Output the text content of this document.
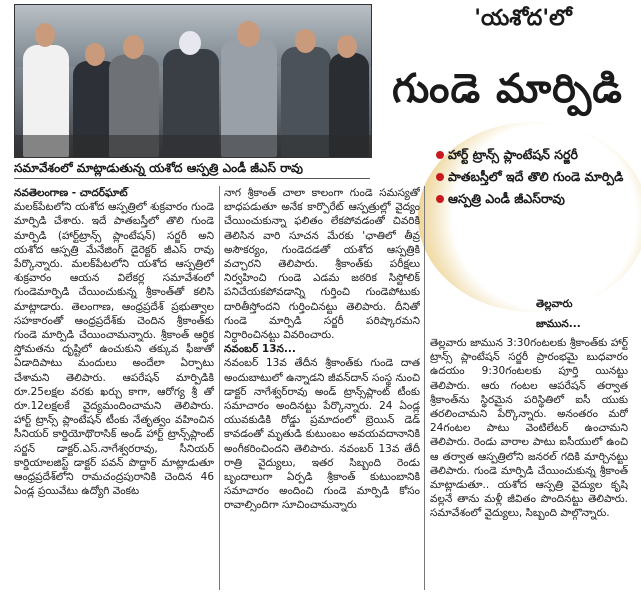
సమావేశంలో మాట్లాడుతున్న యశోద ఆస్పత్రి ఎండీ జీఎస్‌ రావు
'యశోద'లో
గుండె మార్పిడి
హార్ట్‌ ట్రాన్స్‌ ప్లాంటేషన్‌ సర్జరీ
పాతబస్తీలో ఇదే తొలి గుండె మార్పిడి
ఆస్పత్రి ఎండీ జీఎస్‌రావు

నవతెలంగాణ - చాదర్‌ఘాట్‌

మలక్‌పేటలోని యశోద ఆస్పత్రిలో శుక్రవారం గుండె మార్పిడి చేశారు. ఇదే పాతబస్తీలో తొలి గుండె మార్పిడి (హార్ట్‌ట్రాన్స్‌ ప్లాంటేషన్‌) సర్జరీ అని యశోద ఆస్పత్రి మేనేజింగ్‌ డైరెక్టర్‌ జీఎస్‌ రావు పేర్కొన్నారు. మలక్‌పేటలోని యశోద ఆస్పత్రిలో శుక్రవారం ఆయన విలేకర్ల సమావేశంలో గుండెమార్పిడి చేయించుకున్న శ్రీకాంత్‌తో కలిసి మాట్లాడారు. తెలంగాణ, ఆంధ్రప్రదేశ్‌ ప్రభుత్వాల సహకారంతో ఆంధ్రప్రదేశ్‌కు చెందిన శ్రీకాంత్‌కు గుండె మార్పిడి చేయించామన్నారు. శ్రీకాంత్‌ ఆర్థిక స్తోమతను దృష్టిలో ఉంచుకుని తక్కువ ఫీజుతో ఏడాదిపాటు మందులు అందేలా ఏర్పాటు చేశామని తెలిపారు. ఆపరేషన్‌ మార్పిడికి రూ.25లక్షల వరకు ఖర్చు కాగా, ఆరోగ్య శ్రీ తో రూ.12లక్షలకే వైద్యమందించామని తెలిపారు. హార్ట్‌ ట్రాన్స్‌ ప్లాంటేషన్‌ టీంకు నేతృత్వం వహించిన సీనియర్‌ కార్డియోథొరాసిక్‌ అండ్‌ హార్ట్‌ ట్రాన్స్‌ప్లాంట్‌ సర్జన్‌ డాక్టర్‌.ఎస్‌.నాగేశ్వరరావు, సీనియర్‌ కార్డియాలజిస్ట్‌ డాక్టర్‌ పవన్‌ పొద్దార్‌ మాట్లాడుతూ ఆంధ్రప్రదేశ్‌లోని రామచంద్రపురానికి చెందిన 46 ఏండ్ల ప్రయివేటు ఉద్యోగి వెంకట

నాగ శ్రీకాంత్‌ చాలా కాలంగా గుండె సమస్యతో బాధపడుతూ అనేక కార్పొరేట్‌ ఆస్పత్రుల్లో వైద్యం చేయించుకున్నా ఫలితం లేకపోవడంతో చివరికి తెలిసిన వారి సూచన మేరకు 'ఛాతిలో తీవ్ర అసౌకర్యం, గుండెదడతో యశోద ఆస్పత్రికి వచ్చారని తెలిపారు. శ్రీకాంత్‌కు పరీక్షలు నిర్వహించి గుండె ఎడమ జఠరిక సిస్టోలిక్‌ పనిచేయకపోవడాన్ని గుర్తించి గుండెపోటుకు దారితీస్తోందని గుర్తించినట్టు తెలిపారు. దీనితో గుండె మార్పిడి సర్జరీ పరిష్కారమని నిర్ధారించినట్టు వివరించారు.

నవంబర్‌ 13న...

నవంబర్‌ 13వ తేదీన శ్రీకాంత్‌కు గుండె దాత అందుబాటులో ఉన్నాడని జీవన్‌దాన్‌ సంస్థ నుంచి డాక్టర్‌ నాగేశ్వర్‌రావు అండ్‌ ట్రాన్స్‌ప్లాంట్‌ టీంకు సమాచారం అందినట్టు పేర్కొన్నారు. 24 ఏండ్ల యువకుడికి రోడ్డు ప్రమాదంలో బ్రెయిన్‌ డెడ్‌ కావడంతో మృతుడి కుటుంబం అవయవదానానికి అంగీకరించిందని తెలిపారు. నవంబర్‌ 13వ తేదీ రాత్రి వైద్యులు, ఇతర సిబ్బంది రెండు బృందాలుగా ఏర్పడి శ్రీకాంత్‌ కుటుంబానికి సమాచారం అందించి గుండె మార్పిడి కోసం రావాల్సిందిగా సూచించామన్నారు

తెల్లవారు
జామున...

తెల్లవారు జామున 3:30గంటలకు శ్రీకాంత్‌కు హార్ట్‌ ట్రాన్స్‌ ప్లాంటేషన్‌ సర్జరీ ప్రారంభమై బుధవారం ఉదయం 9:30గంటలకు పూర్తి యినట్టు తెలిపారు. ఆరు గంటల ఆపరేషన్‌ తర్వాత శ్రీకాంత్‌ను స్థిరమైన పరిస్థితిలో ఐసీ యుకు తరలించామని పేర్కొన్నారు. అనంతరం మరో 24గంటల పాటు వెంటిలేటర్‌ ఉంచామని తెలిపారు. రెండు వారాల పాటు ఐసీయులో ఉంచి ఆ తర్వాత ఆస్పత్రిలోని జనరల్‌ గదికి మార్చినట్టు తెలిపారు. గుండె మార్పిడి చేయించుకున్న శ్రీకాంత్‌ మాట్లాడుతూ.. యశోద ఆస్పత్రి వైద్యుల కృషి వల్లనే తాను మళ్లీ జీవితం పొందినట్టు తెలిపారు. సమావేశంలో వైద్యులు, సిబ్బంది పాల్గొన్నారు.
